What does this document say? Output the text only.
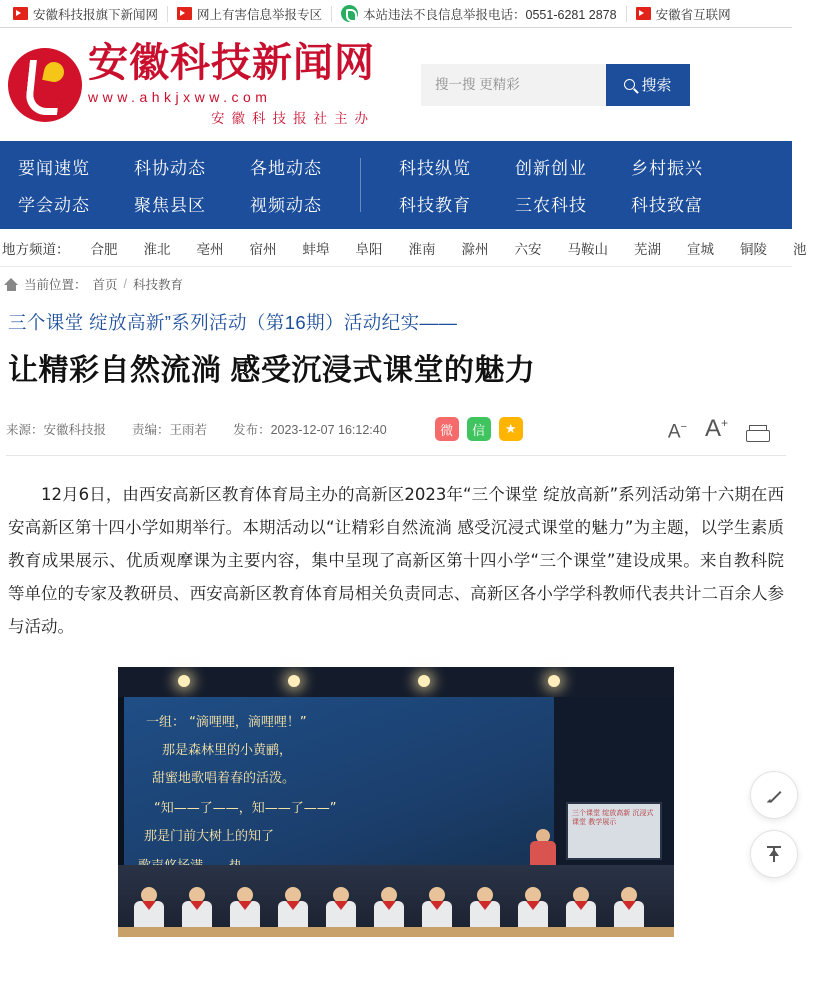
安徽科技报旗下新闻网	网上有害信息举报专区	本站违法不良信息举报电话：0551-6281 2878	安徽省互联网
安徽科技新闻网
www.ahkjxww.com
安徽科技报社主办
搜一搜 更精彩
搜索
要闻速览
学会动态
科协动态
聚焦县区
各地动态
视频动态
科技纵览
科技教育
创新创业
三农科技
乡村振兴
科技致富
地方频道：	合肥	淮北	亳州	宿州	蚌埠	阜阳	淮南	滁州	六安	马鞍山	芜湖	宣城	铜陵	池
当前位置： 首页 / 科技教育
三个课堂 绽放高新”系列活动（第16期）活动纪实——
让精彩自然流淌 感受沉浸式课堂的魅力
来源：安徽科技报 责编：王雨若 发布：2023-12-07 16:12:40	微	信	★	A− A+

12月6日，由西安高新区教育体育局主办的高新区2023年“三个课堂 绽放高新”系列活动第十六期在西安高新区第十四小学如期举行。本期活动以“让精彩自然流淌 感受沉浸式课堂的魅力”为主题，以学生素质教育成果展示、优质观摩课为主要内容，集中呈现了高新区第十四小学“三个课堂”建设成果。来自教科院等单位的专家及教研员、西安高新区教育体育局相关负责同志、高新区各小学学科教师代表共计二百余人参与活动。

一组： “滴哩哩，滴哩哩！”
那是森林里的小黄鹂，
甜蜜地歌唱着春的活泼。
“知——了——，知——了——”
那是门前大树上的知了
三个课堂 绽放高新 沉浸式课堂 教学展示
